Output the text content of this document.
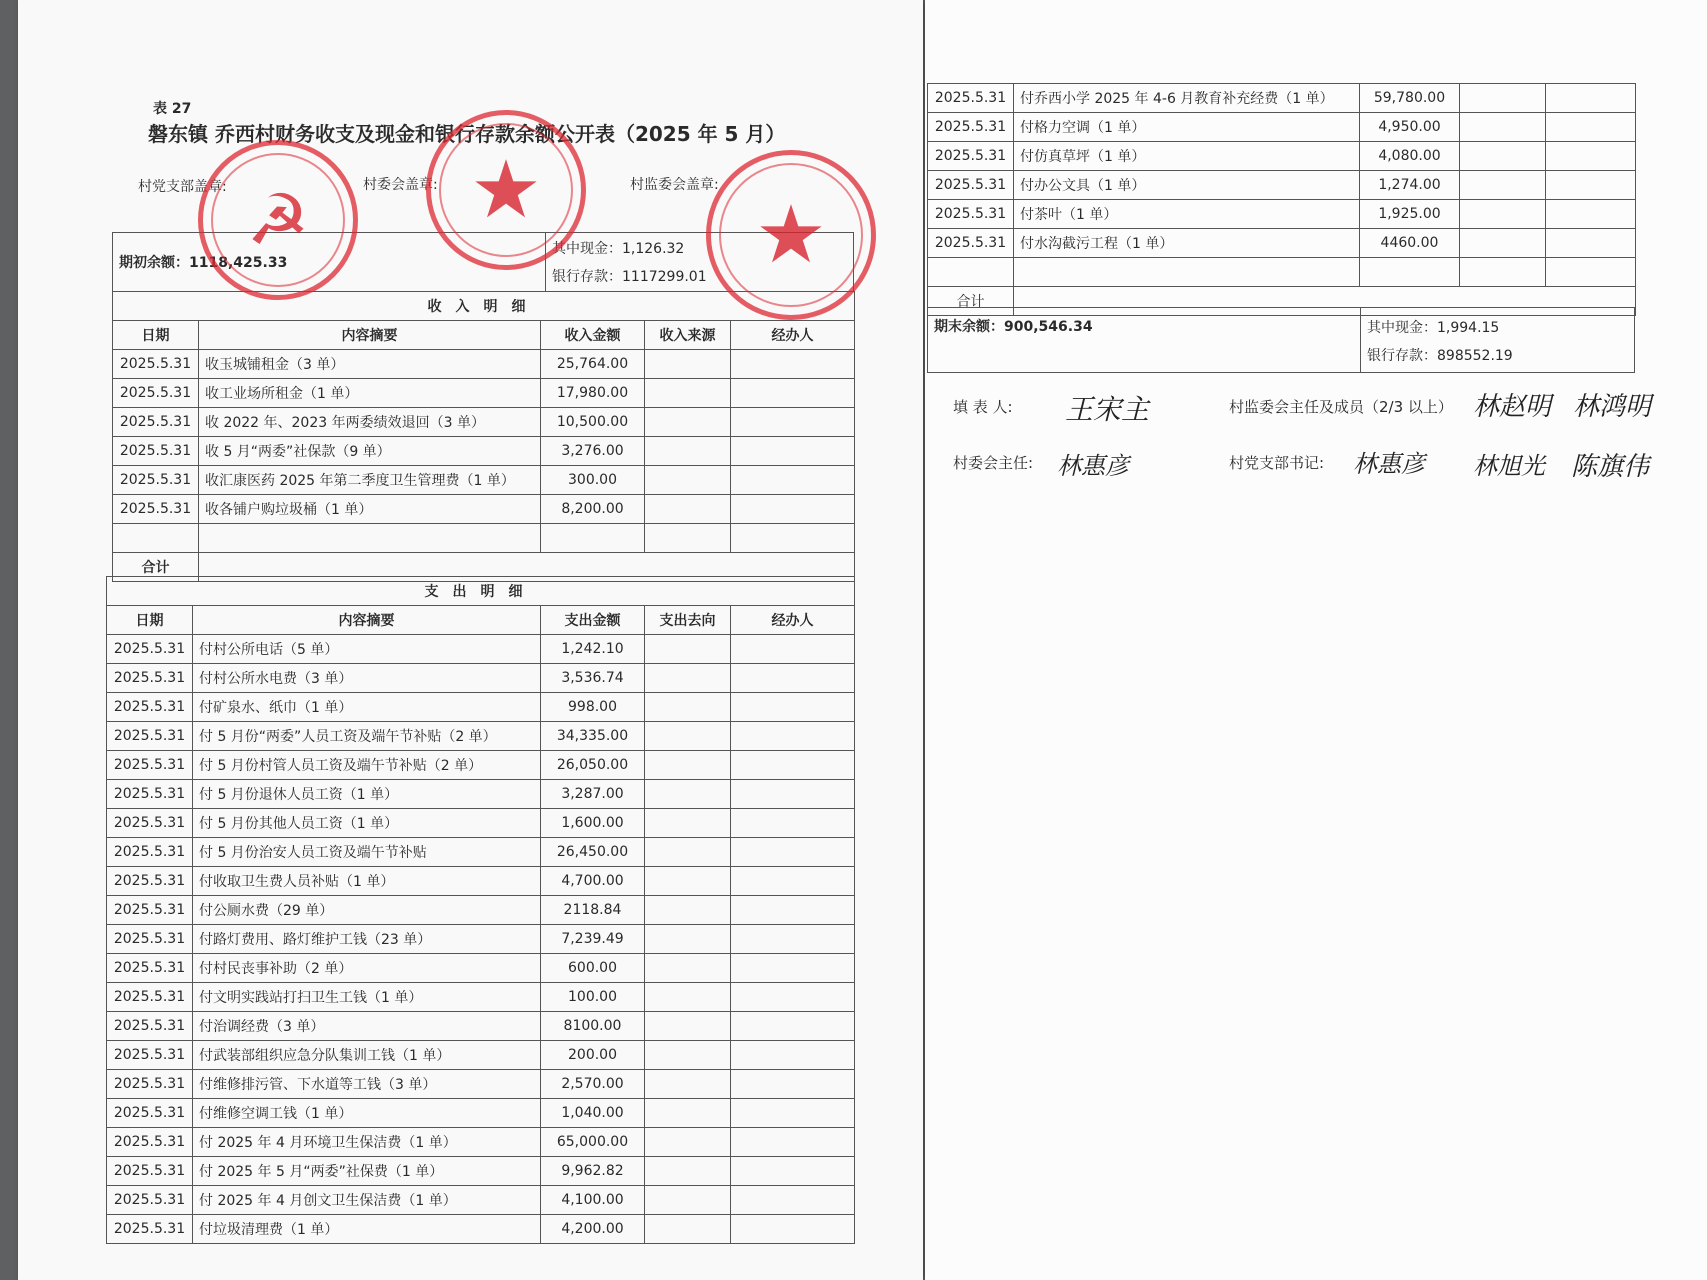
表 27
磐东镇 乔西村财务收支及现金和银行存款余额公开表（2025 年 5 月）
村党支部盖章:	村委会盖章:	村监委会盖章:
期初余额：1118,425.33	
其中现金：1,126.32
银行存款：1117299.01
收入明细				
日期	内容摘要	收入金额	收入来源	经办人
2025.5.31	收玉城铺租金（3 单）	25,764.00		
2025.5.31	收工业场所租金（1 单）	17,980.00		
2025.5.31	收 2022 年、2023 年两委绩效退回（3 单）	10,500.00		
2025.5.31	收 5 月“两委”社保款（9 单）	3,276.00		
2025.5.31	收汇康医药 2025 年第二季度卫生管理费（1 单）	300.00		
2025.5.31	收各铺户购垃圾桶（1 单）	8,200.00		

合计				
支出明细				
日期	内容摘要	支出金额	支出去向	经办人
2025.5.31	付村公所电话（5 单）	1,242.10		
2025.5.31	付村公所水电费（3 单）	3,536.74		
2025.5.31	付矿泉水、纸巾（1 单）	998.00		
2025.5.31	付 5 月份“两委”人员工资及端午节补贴（2 单）	34,335.00		
2025.5.31	付 5 月份村管人员工资及端午节补贴（2 单）	26,050.00		
2025.5.31	付 5 月份退休人员工资（1 单）	3,287.00		
2025.5.31	付 5 月份其他人员工资（1 单）	1,600.00		
2025.5.31	付 5 月份治安人员工资及端午节补贴	26,450.00		
2025.5.31	付收取卫生费人员补贴（1 单）	4,700.00		
2025.5.31	付公厕水费（29 单）	2118.84		
2025.5.31	付路灯费用、路灯维护工钱（23 单）	7,239.49		
2025.5.31	付村民丧事补助（2 单）	600.00		
2025.5.31	付文明实践站打扫卫生工钱（1 单）	100.00		
2025.5.31	付治调经费（3 单）	8100.00		
2025.5.31	付武装部组织应急分队集训工钱（1 单）	200.00		
2025.5.31	付维修排污管、下水道等工钱（3 单）	2,570.00		
2025.5.31	付维修空调工钱（1 单）	1,040.00		
2025.5.31	付 2025 年 4 月环境卫生保洁费（1 单）	65,000.00		
2025.5.31	付 2025 年 5 月“两委”社保费（1 单）	9,962.82		
2025.5.31	付 2025 年 4 月创文卫生保洁费（1 单）	4,100.00		
2025.5.31	付垃圾清理费（1 单）	4,200.00		
☭ ★	★
2025.5.31	付乔西小学 2025 年 4-6 月教育补充经费（1 单）	59,780.00		
2025.5.31	付格力空调（1 单）	4,950.00		
2025.5.31	付仿真草坪（1 单）	4,080.00		
2025.5.31	付办公文具（1 单）	1,274.00		
2025.5.31	付茶叶（1 单）	1,925.00		
2025.5.31	付水沟截污工程（1 单）	4460.00		

合计				
期末余额：900,546.34	其中现金：1,994.15
银行存款：898552.19
填 表 人: 王宋主	村监委会主任及成员（2/3 以上） 林赵明 林鸿明
村委会主任: 林惠彦	村党支部书记: 林惠彦 林旭光 陈旗伟
